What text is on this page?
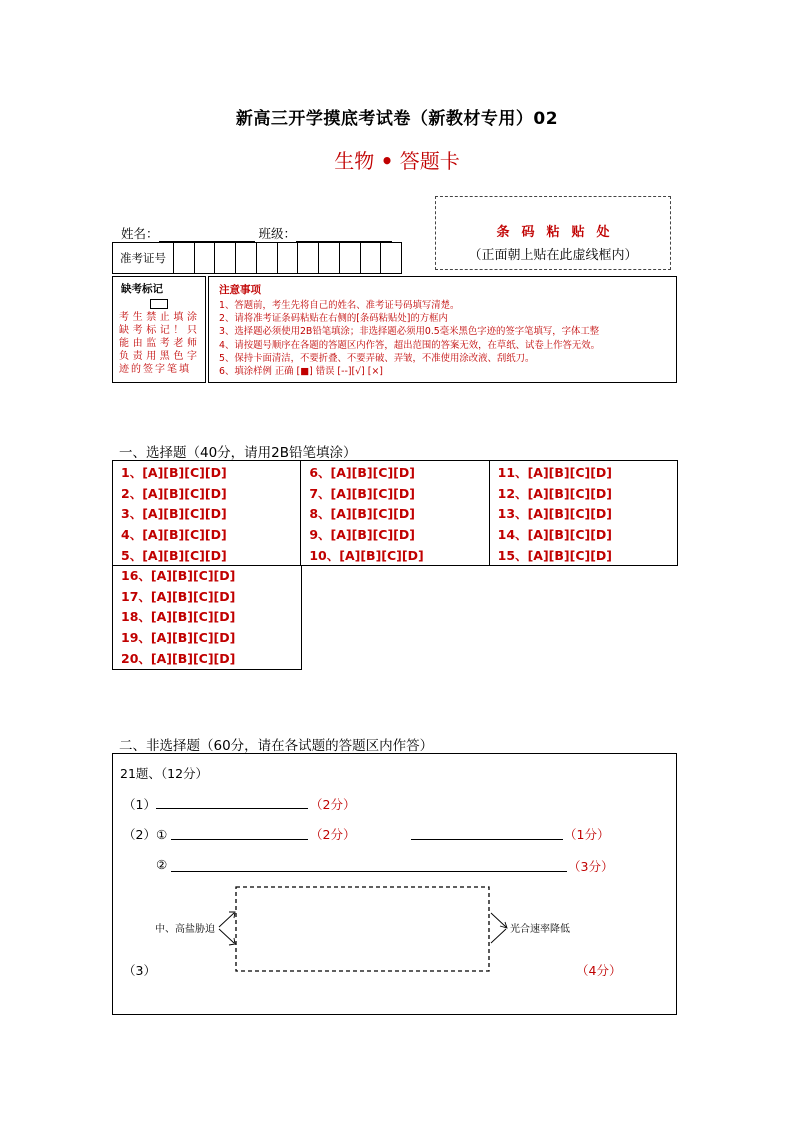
新高三开学摸底考试卷（新教材专用）02
生物 • 答题卡
姓名：	班级：
准考证号
条码粘贴处
（正面朝上贴在此虚线框内）
缺考标记
考生禁止填涂缺考标记！只能由监考老师负责用黑色字迹的签字笔填
注意事项
1、答题前，考生先将自己的姓名、准考证号码填写清楚。
2、请将准考证条码粘贴在右侧的[条码粘贴处]的方框内
3、选择题必须使用2B铅笔填涂；非选择题必须用0.5毫米黑色字迹的签字笔填写，字体工整
4、请按题号顺序在各题的答题区内作答，超出范围的答案无效，在草纸、试卷上作答无效。
5、保持卡面清洁，不要折叠、不要弄破、弄皱，不准使用涂改液、刮纸刀。
6、填涂样例 正确 [■] 错误 [--][√] [×]
一、选择题（40分，请用2B铅笔填涂）
1、[A][B][C][D]
2、[A][B][C][D]
3、[A][B][C][D]
4、[A][B][C][D]
5、[A][B][C][D]
6、[A][B][C][D]
7、[A][B][C][D]
8、[A][B][C][D]
9、[A][B][C][D]
10、[A][B][C][D]
11、[A][B][C][D]
12、[A][B][C][D]
13、[A][B][C][D]
14、[A][B][C][D]
15、[A][B][C][D]
16、[A][B][C][D]
17、[A][B][C][D]
18、[A][B][C][D]
19、[A][B][C][D]
20、[A][B][C][D]
二、非选择题（60分，请在各试题的答题区内作答）
21题、（12分）
（1）	（2分）
（2）①	（2分）	（1分）
②	（3分）
中、高盐胁迫	光合速率降低
（3）	（4分）
